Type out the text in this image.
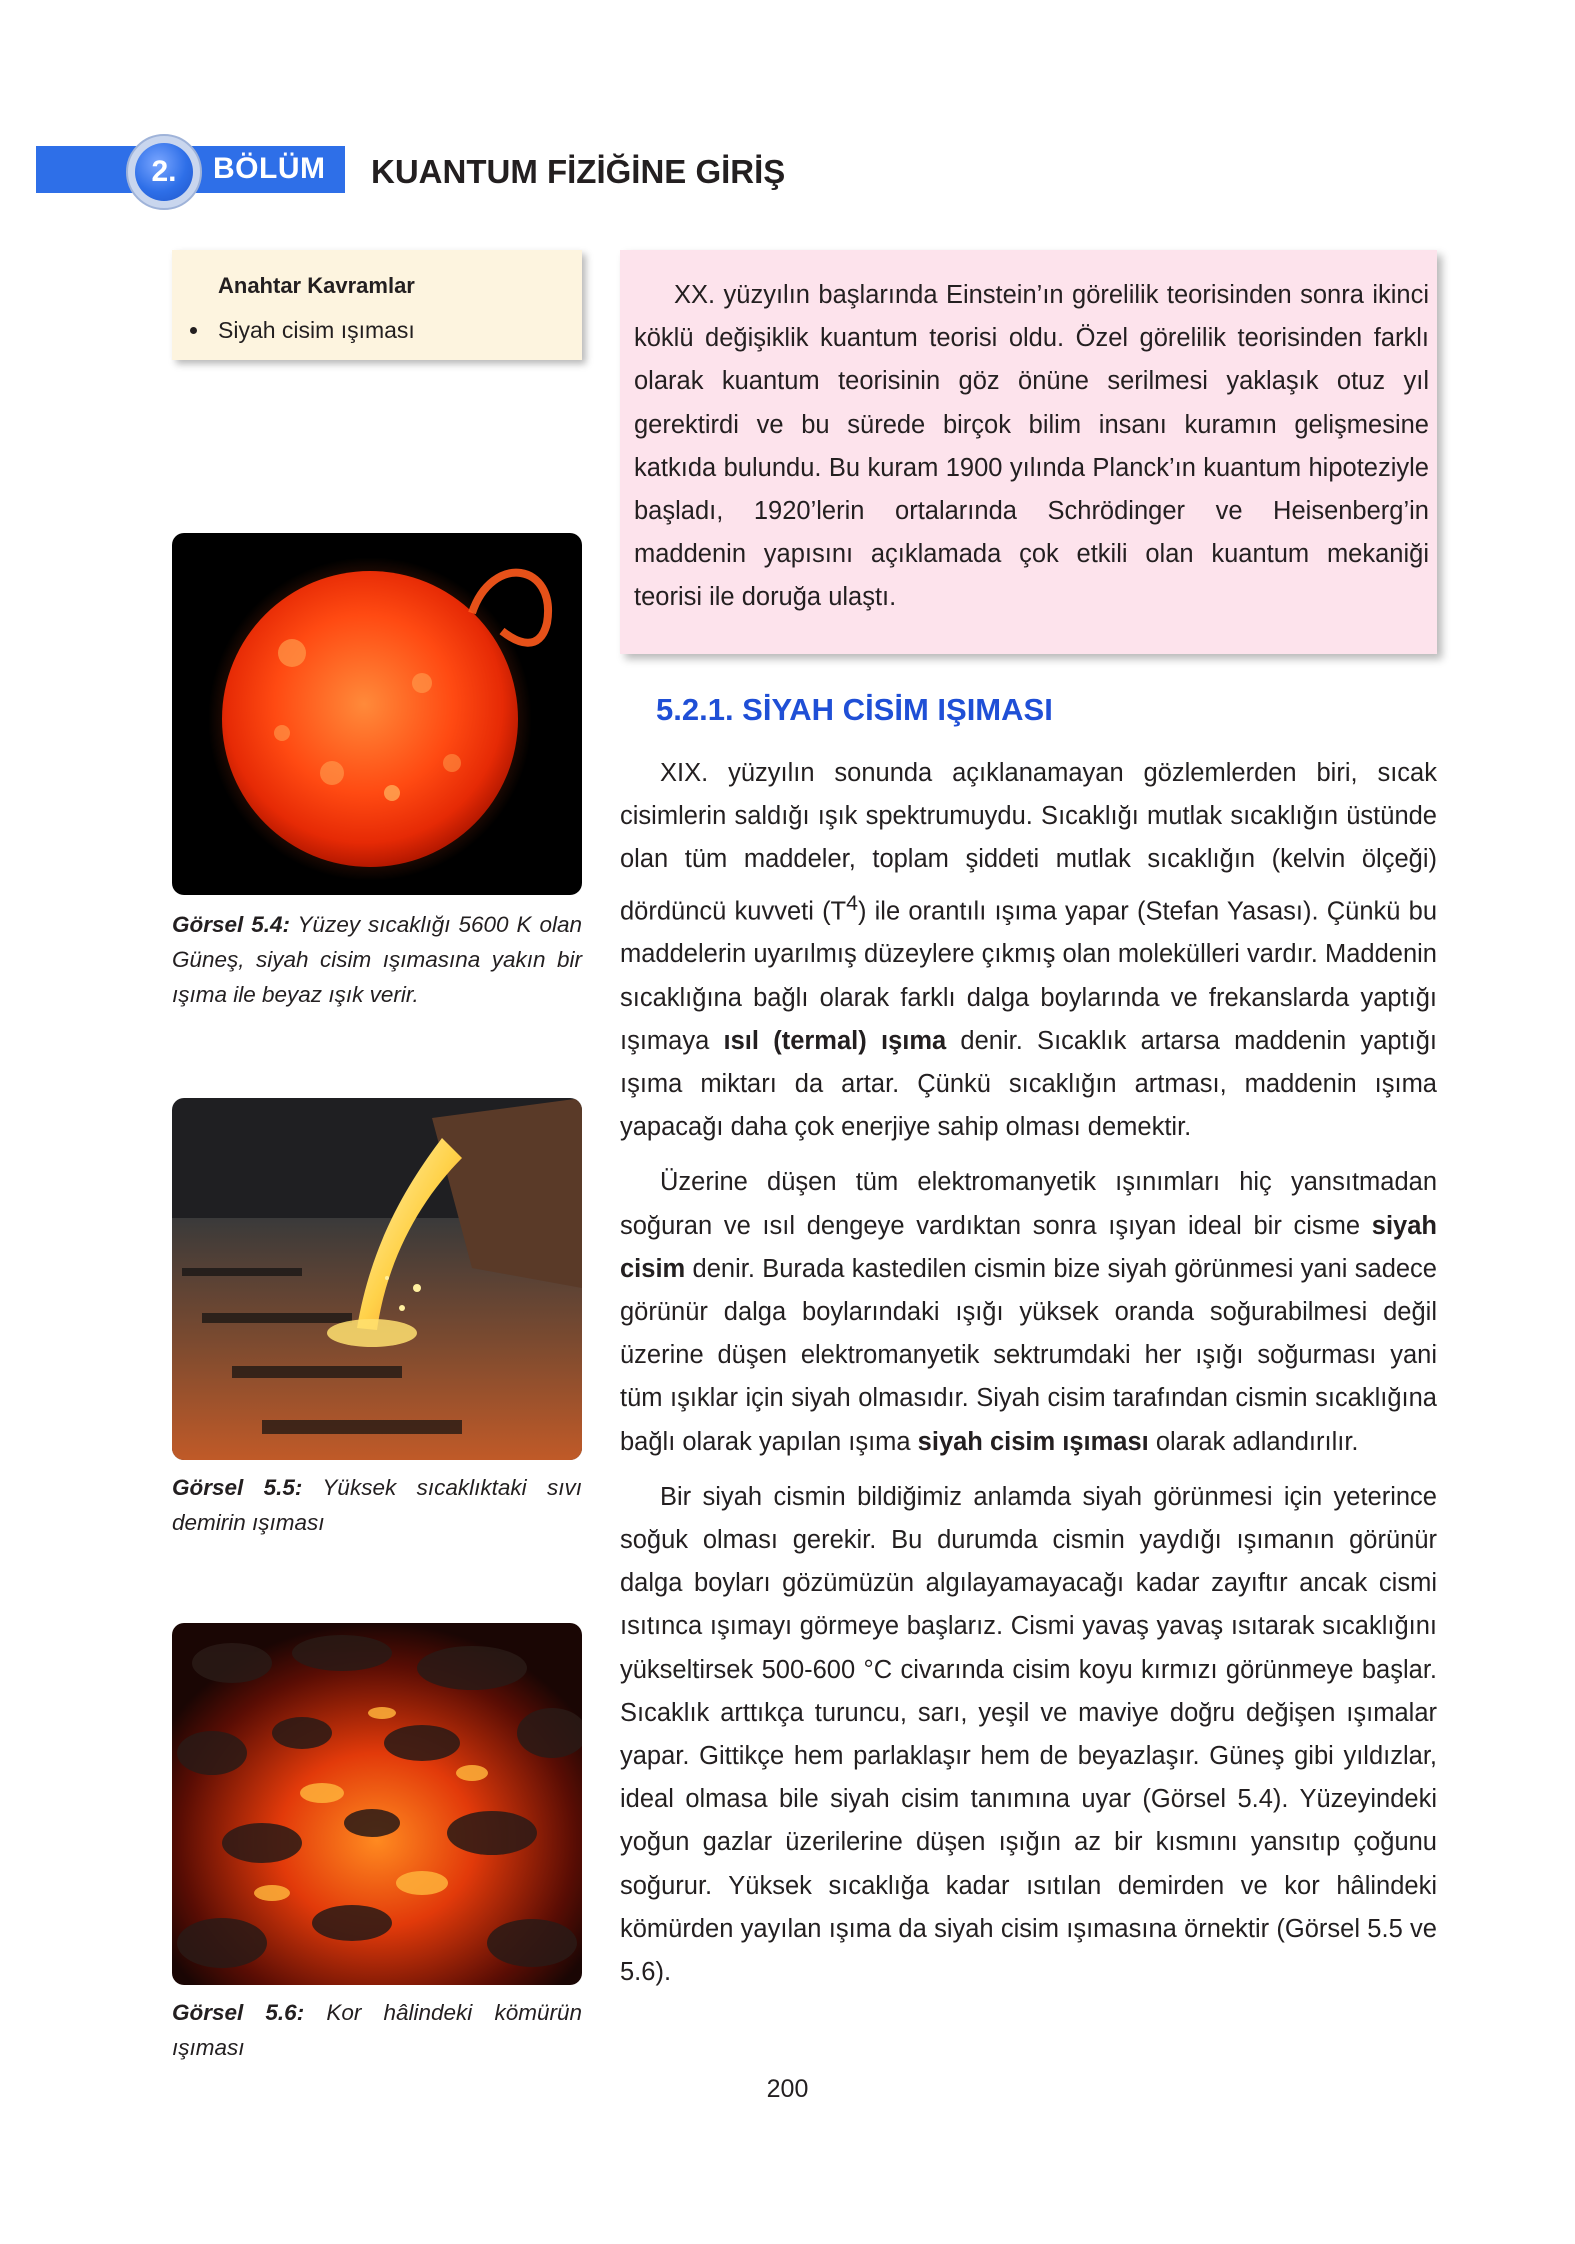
2. BÖLÜM KUANTUM FİZİĞİNE GİRİŞ
Anahtar Kavramlar
Siyah cisim ışıması

XX. yüzyılın başlarında Einstein’ın görelilik teorisinden sonra ikinci köklü değişiklik kuantum teorisi oldu. Özel görelilik teorisinden farklı olarak kuantum teorisinin göz önüne serilmesi yaklaşık otuz yıl gerektirdi ve bu sürede birçok bilim insanı kuramın gelişmesine katkıda bulundu. Bu kuram 1900 yılında Planck’ın kuantum hipoteziyle başladı, 1920’lerin ortalarında Schrödinger ve Heisenberg’in maddenin yapısını açıklamada çok etkili olan kuantum mekaniği teorisi ile doruğa ulaştı.

Görsel 5.4: Yüzey sıcaklığı 5600 K olan Güneş, siyah cisim ışımasına yakın bir ışıma ile beyaz ışık verir.

Görsel 5.5: Yüksek sıcaklıktaki sıvı demirin ışıması

Görsel 5.6: Kor hâlindeki kömürün ışıması

5.2.1. SİYAH CİSİM IŞIMASI

XIX. yüzyılın sonunda açıklanamayan gözlemlerden biri, sıcak cisimlerin saldığı ışık spektrumuydu. Sıcaklığı mutlak sıcaklığın üstünde olan tüm maddeler, toplam şiddeti mutlak sıcaklığın (kelvin ölçeği) dördüncü kuvveti $(T^4)$ ile orantılı ışıma yapar (Stefan Yasası). Çünkü bu maddelerin uyarılmış düzeylere çıkmış olan molekülleri vardır. Maddenin sıcaklığına bağlı olarak farklı dalga boylarında ve frekanslarda yaptığı ışımaya ısıl (termal) ışıma denir. Sıcaklık artarsa maddenin yaptığı ışıma miktarı da artar. Çünkü sıcaklığın artması, maddenin ışıma yapacağı daha çok enerjiye sahip olması demektir.

Üzerine düşen tüm elektromanyetik ışınımları hiç yansıtmadan soğuran ve ısıl dengeye vardıktan sonra ışıyan ideal bir cisme siyah cisim denir. Burada kastedilen cismin bize siyah görünmesi yani sadece görünür dalga boylarındaki ışığı yüksek oranda soğurabilmesi değil üzerine düşen elektromanyetik sektrumdaki her ışığı soğurması yani tüm ışıklar için siyah olmasıdır. Siyah cisim tarafından cismin sıcaklığına bağlı olarak yapılan ışıma siyah cisim ışıması olarak adlandırılır.

Bir siyah cismin bildiğimiz anlamda siyah görünmesi için yeterince soğuk olması gerekir. Bu durumda cismin yaydığı ışımanın görünür dalga boyları gözümüzün algılayamayacağı kadar zayıftır ancak cismi ısıtınca ışımayı görmeye başlarız. Cismi yavaş yavaş ısıtarak sıcaklığını yükseltirsek 500-600 °C civarında cisim koyu kırmızı görünmeye başlar. Sıcaklık arttıkça turuncu, sarı, yeşil ve maviye doğru değişen ışımalar yapar. Gittikçe hem parlaklaşır hem de beyazlaşır. Güneş gibi yıldızlar, ideal olmasa bile siyah cisim tanımına uyar (Görsel 5.4). Yüzeyindeki yoğun gazlar üzerilerine düşen ışığın az bir kısmını yansıtıp çoğunu soğurur. Yüksek sıcaklığa kadar ısıtılan demirden ve kor hâlindeki kömürden yayılan ışıma da siyah cisim ışımasına örnektir (Görsel 5.5 ve 5.6).

200
